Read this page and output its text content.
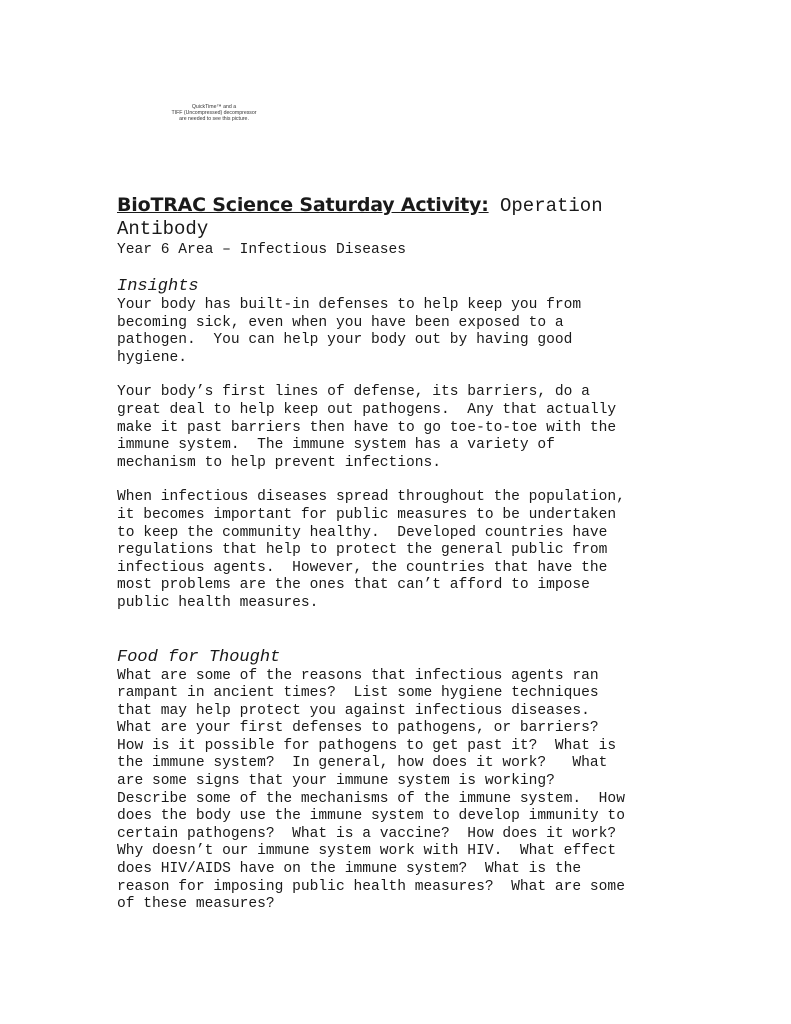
QuickTime™ and a
TIFF (Uncompressed) decompressor
are needed to see this picture.

BioTRAC Science Saturday Activity: Operation

Antibody

Year 6 Area – Infectious Diseases

Insights

Your body has built-in defenses to help keep you from
becoming sick, even when you have been exposed to a
pathogen.  You can help your body out by having good
hygiene.

Your body’s first lines of defense, its barriers, do a
great deal to help keep out pathogens.  Any that actually
make it past barriers then have to go toe-to-toe with the
immune system.  The immune system has a variety of
mechanism to help prevent infections.

When infectious diseases spread throughout the population,
it becomes important for public measures to be undertaken
to keep the community healthy.  Developed countries have
regulations that help to protect the general public from
infectious agents.  However, the countries that have the
most problems are the ones that can’t afford to impose
public health measures.

Food for Thought

What are some of the reasons that infectious agents ran
rampant in ancient times?  List some hygiene techniques
that may help protect you against infectious diseases.
What are your first defenses to pathogens, or barriers?
How is it possible for pathogens to get past it?  What is
the immune system?  In general, how does it work?   What
are some signs that your immune system is working?
Describe some of the mechanisms of the immune system.  How
does the body use the immune system to develop immunity to
certain pathogens?  What is a vaccine?  How does it work?
Why doesn’t our immune system work with HIV.  What effect
does HIV/AIDS have on the immune system?  What is the
reason for imposing public health measures?  What are some
of these measures?
